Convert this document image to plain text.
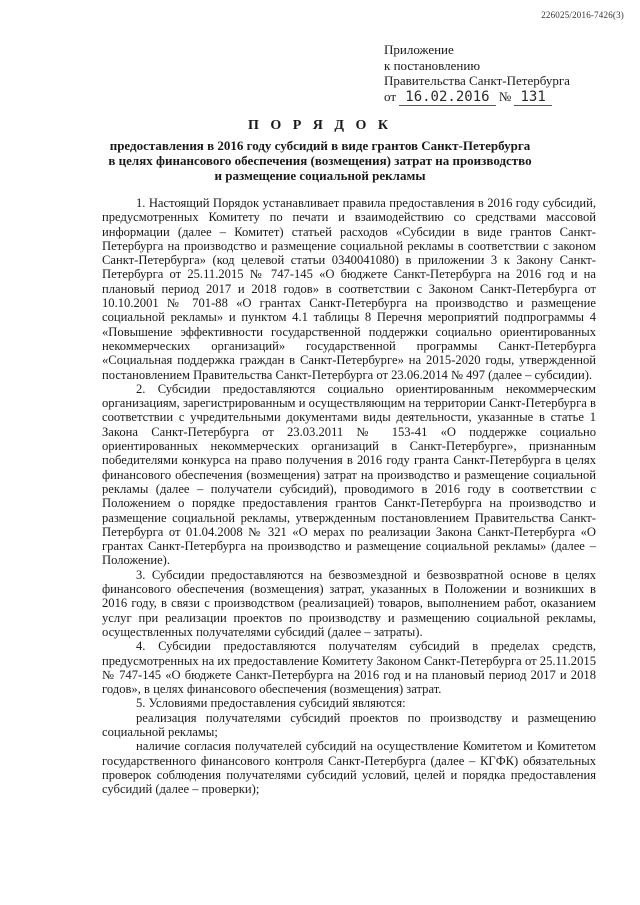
226025/2016-7426(3)
Приложение
к постановлению
Правительства Санкт-Петербурга
от 16.02.2016 № 131
П О Р Я Д О К
предоставления в 2016 году субсидий в виде грантов Санкт-Петербурга
в целях финансового обеспечения (возмещения) затрат на производство
и размещение социальной рекламы

1. Настоящий Порядок устанавливает правила предоставления в 2016 году субсидий, предусмотренных Комитету по печати и взаимодействию со средствами массовой информации (далее – Комитет) статьей расходов «Субсидии в виде грантов Санкт-Петербурга на производство и размещение социальной рекламы в соответствии с законом Санкт-Петербурга» (код целевой статьи 0340041080) в приложении 3 к Закону Санкт-Петербурга от 25.11.2015 № 747-145 «О бюджете Санкт-Петербурга на 2016 год и на плановый период 2017 и 2018 годов» в соответствии с Законом Санкт-Петербурга от 10.10.2001 № 701-88 «О грантах Санкт-Петербурга на производство и размещение социальной рекламы» и пунктом 4.1 таблицы 8 Перечня мероприятий подпрограммы 4 «Повышение эффективности государственной поддержки социально ориентированных некоммерческих организаций» государственной программы Санкт-Петербурга «Социальная поддержка граждан в Санкт-Петербурге» на 2015-2020 годы, утвержденной постановлением Правительства Санкт-Петербурга от 23.06.2014 № 497 (далее – субсидии).

2. Субсидии предоставляются социально ориентированным некоммерческим организациям, зарегистрированным и осуществляющим на территории Санкт-Петербурга в соответствии с учредительными документами виды деятельности, указанные в статье 1 Закона Санкт-Петербурга от 23.03.2011 № 153-41 «О поддержке социально ориентированных некоммерческих организаций в Санкт-Петербурге», признанным победителями конкурса на право получения в 2016 году гранта Санкт-Петербурга в целях финансового обеспечения (возмещения) затрат на производство и размещение социальной рекламы (далее – получатели субсидий), проводимого в 2016 году в соответствии с Положением о порядке предоставления грантов Санкт-Петербурга на производство и размещение социальной рекламы, утвержденным постановлением Правительства Санкт-Петербурга от 01.04.2008 № 321 «О мерах по реализации Закона Санкт-Петербурга «О грантах Санкт-Петербурга на производство и размещение социальной рекламы» (далее – Положение).

3. Субсидии предоставляются на безвозмездной и безвозвратной основе в целях финансового обеспечения (возмещения) затрат, указанных в Положении и возникших в 2016 году, в связи с производством (реализацией) товаров, выполнением работ, оказанием услуг при реализации проектов по производству и размещению социальной рекламы, осуществленных получателями субсидий (далее – затраты).

4. Субсидии предоставляются получателям субсидий в пределах средств, предусмотренных на их предоставление Комитету Законом Санкт-Петербурга от 25.11.2015 № 747-145 «О бюджете Санкт-Петербурга на 2016 год и на плановый период 2017 и 2018 годов», в целях финансового обеспечения (возмещения) затрат.

5. Условиями предоставления субсидий являются:

реализация получателями субсидий проектов по производству и размещению социальной рекламы;

наличие согласия получателей субсидий на осуществление Комитетом и Комитетом государственного финансового контроля Санкт-Петербурга (далее – КГФК) обязательных проверок соблюдения получателями субсидий условий, целей и порядка предоставления субсидий (далее – проверки);
